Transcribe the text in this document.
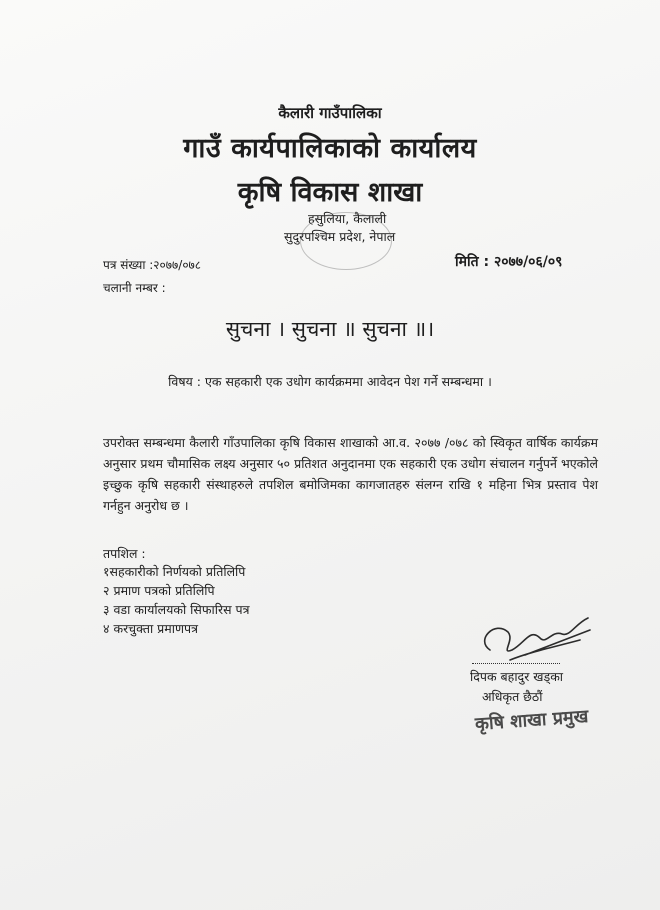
कैलारी गाउँपालिका
गाउँ कार्यपालिकाको कार्यालय
कृषि विकास शाखा
हसुलिया, कैलाली
सुदुरपश्चिम प्रदेश, नेपाल
पत्र संख्या :२०७७/०७८
चलानी नम्बर :
मिति : २०७७/०६/०९
सुचना । सुचना ॥ सुचना ॥।
विषय : एक सहकारी एक उधोग कार्यक्रममा आवेदन पेश गर्ने सम्बन्धमा ।
उपरोक्त सम्बन्धमा कैलारी गाँउपालिका कृषि विकास शाखाको आ.व. २०७७ /०७८ को स्विकृत वार्षिक कार्यक्रम अनुसार प्रथम चौमासिक लक्ष्य अनुसार ५० प्रतिशत अनुदानमा एक सहकारी एक उधोग संचालन गर्नुपर्ने भएकोले इच्छुक कृषि सहकारी संस्थाहरुले तपशिल बमोजिमका कागजातहरु संलग्न राखि १ महिना भित्र प्रस्ताव पेश गर्नहुन अनुरोध छ ।
तपशिल :
१सहकारीको निर्णयको प्रतिलिपि
२ प्रमाण पत्रको प्रतिलिपि
३ वडा कार्यालयको सिफारिस पत्र
४ करचुक्ता प्रमाणपत्र
दिपक बहादुर खड्का
अधिकृत छैठौं
कृषि शाखा प्रमुख
